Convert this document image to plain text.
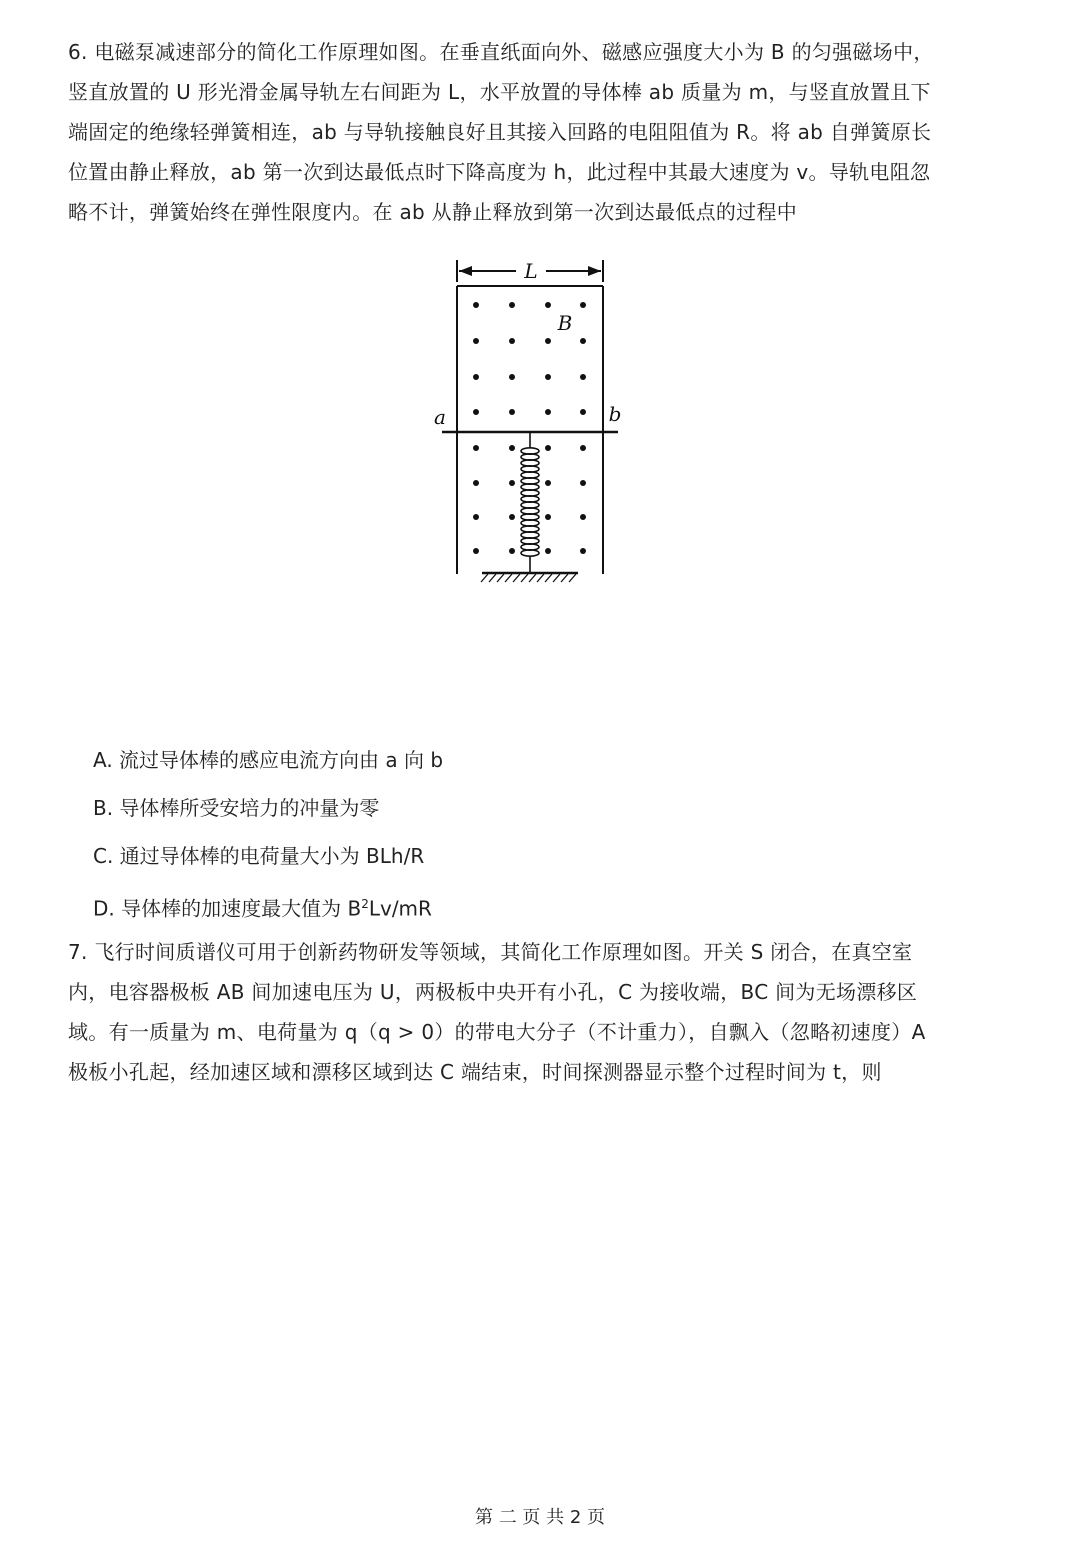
6. 电磁泵减速部分的简化工作原理如图。在垂直纸面向外、磁感应强度大小为 B 的匀强磁场中，
竖直放置的 U 形光滑金属导轨左右间距为 L，水平放置的导体棒 ab 质量为 m，与竖直放置且下
端固定的绝缘轻弹簧相连，ab 与导轨接触良好且其接入回路的电阻阻值为 R。将 ab 自弹簧原长
位置由静止释放，ab 第一次到达最低点时下降高度为 h，此过程中其最大速度为 v。导轨电阻忽
略不计，弹簧始终在弹性限度内。在 ab 从静止释放到第一次到达最低点的过程中
L
B
a	b
A. 流过导体棒的感应电流方向由 a 向 b
B. 导体棒所受安培力的冲量为零
C. 通过导体棒的电荷量大小为 BLh/R
D. 导体棒的加速度最大值为 $B^2Lv/mR$
7. 飞行时间质谱仪可用于创新药物研发等领域，其简化工作原理如图。开关 S 闭合，在真空室
内，电容器极板 AB 间加速电压为 U，两极板中央开有小孔，C 为接收端，BC 间为无场漂移区
域。有一质量为 m、电荷量为 q（q > 0）的带电大分子（不计重力），自飘入（忽略初速度）A
极板小孔起，经加速区域和漂移区域到达 C 端结束，时间探测器显示整个过程时间为 t，则
第 二 页 共 2 页
